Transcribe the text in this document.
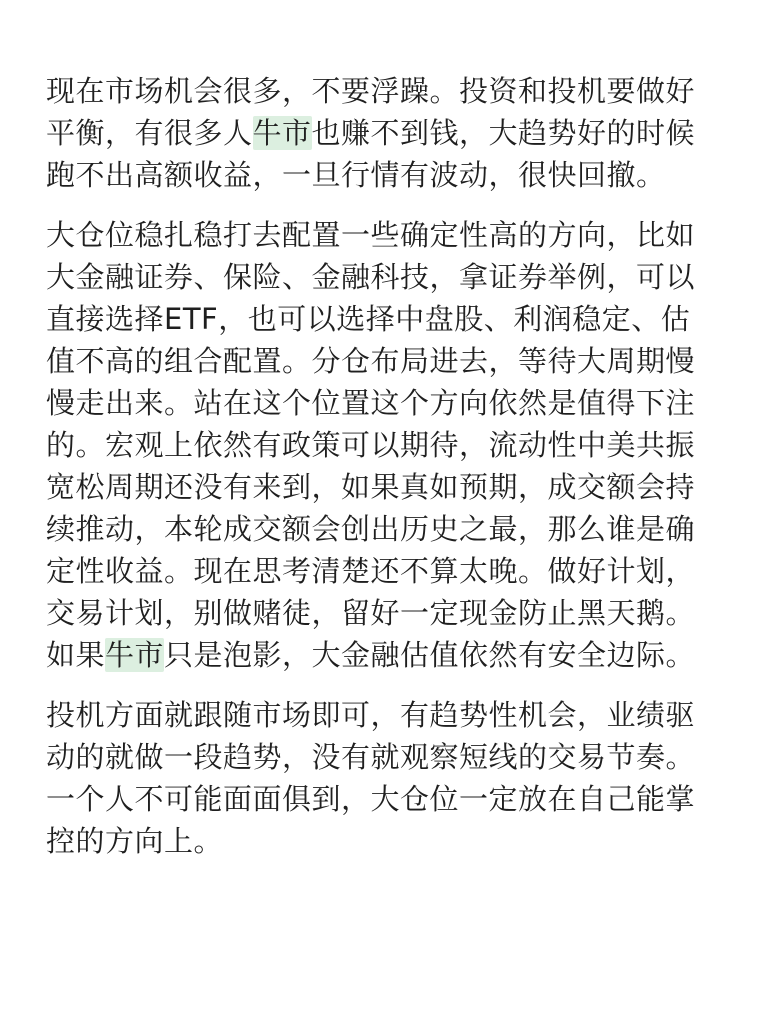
现在市场机会很多，不要浮躁。投资和投机要做好
平衡，有很多人牛市也赚不到钱，大趋势好的时候
跑不出高额收益，一旦行情有波动，很快回撤。
大仓位稳扎稳打去配置一些确定性高的方向，比如
大金融证券、保险、金融科技，拿证券举例，可以
直接选择ETF，也可以选择中盘股、利润稳定、估
值不高的组合配置。分仓布局进去，等待大周期慢
慢走出来。站在这个位置这个方向依然是值得下注
的。宏观上依然有政策可以期待，流动性中美共振
宽松周期还没有来到，如果真如预期，成交额会持
续推动，本轮成交额会创出历史之最，那么谁是确
定性收益。现在思考清楚还不算太晚。做好计划，
交易计划，别做赌徒，留好一定现金防止黑天鹅。
如果牛市只是泡影，大金融估值依然有安全边际。
投机方面就跟随市场即可，有趋势性机会，业绩驱
动的就做一段趋势，没有就观察短线的交易节奏。
一个人不可能面面俱到，大仓位一定放在自己能掌
控的方向上。
